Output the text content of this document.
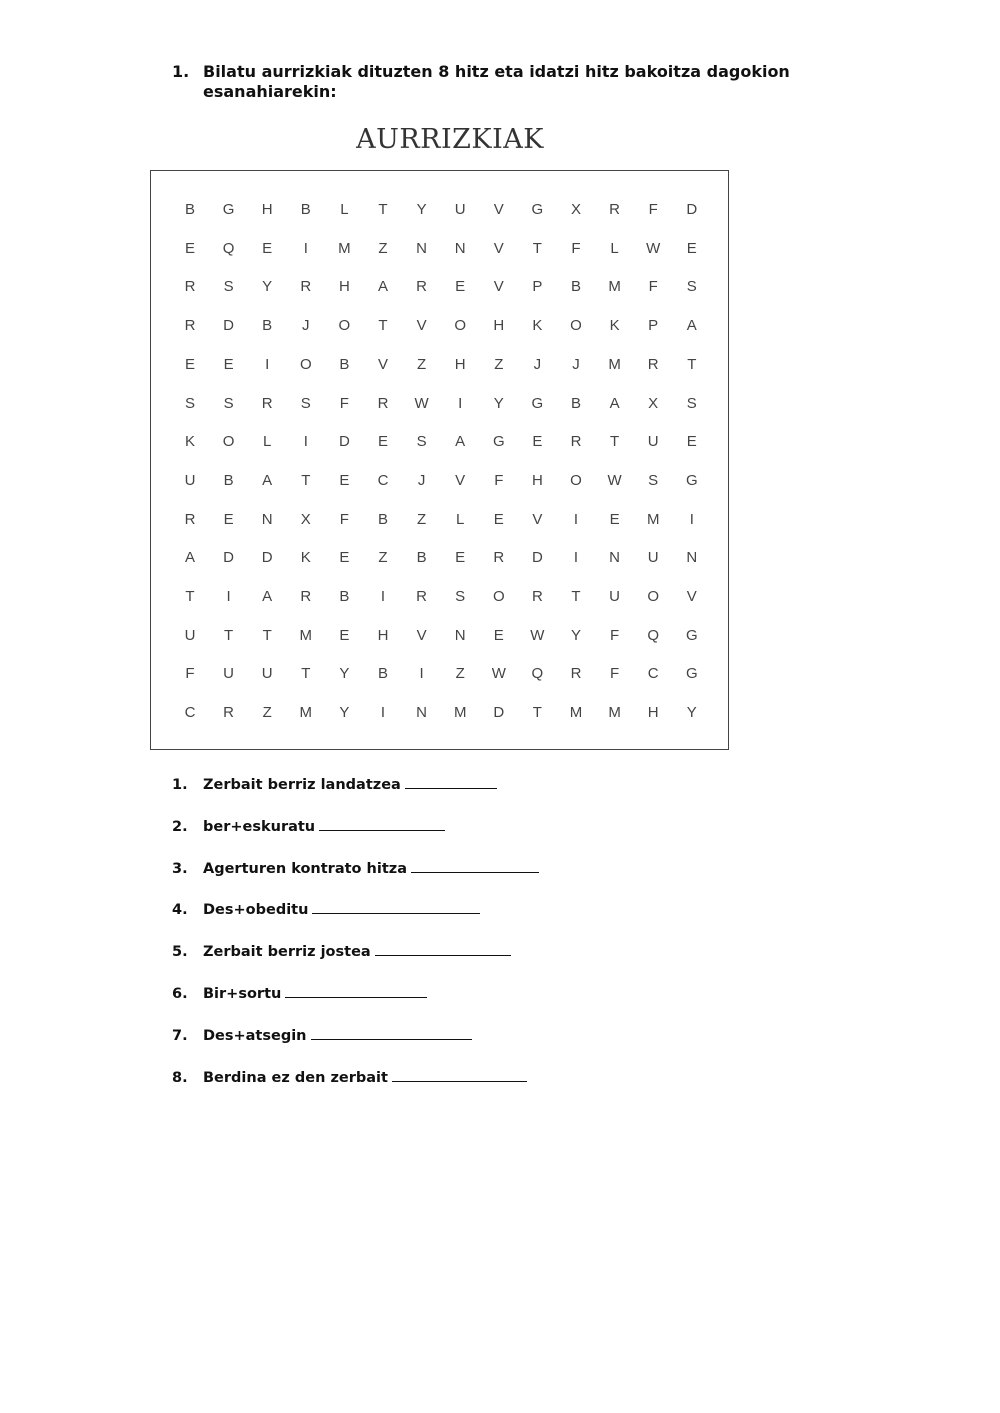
1. Bilatu aurrizkiak dituzten 8 hitz eta idatzi hitz bakoitza dagokion esanahiarekin:
AURRIZKIAK
B	G	H	B	L	T	Y	U	V	G	X	R	F	D
E	Q	E	I	M	Z	N	N	V	T	F	L	W	E
R	S	Y	R	H	A	R	E	V	P	B	M	F	S
R	D	B	J	O	T	V	O	H	K	O	K	P	A
E	E	I	O	B	V	Z	H	Z	J	J	M	R	T
S	S	R	S	F	R	W	I	Y	G	B	A	X	S
K	O	L	I	D	E	S	A	G	E	R	T	U	E
U	B	A	T	E	C	J	V	F	H	O	W	S	G
R	E	N	X	F	B	Z	L	E	V	I	E	M	I
A	D	D	K	E	Z	B	E	R	D	I	N	U	N
T	I	A	R	B	I	R	S	O	R	T	U	O	V
U	T	T	M	E	H	V	N	E	W	Y	F	Q	G
F	U	U	T	Y	B	I	Z	W	Q	R	F	C	G
C	R	Z	M	Y	I	N	M	D	T	M	M	H	Y
1. Zerbait berriz landatzea
2. ber+eskuratu
3. Agerturen kontrato hitza
4. Des+obeditu
5. Zerbait berriz jostea
6. Bir+sortu
7. Des+atsegin
8. Berdina ez den zerbait
